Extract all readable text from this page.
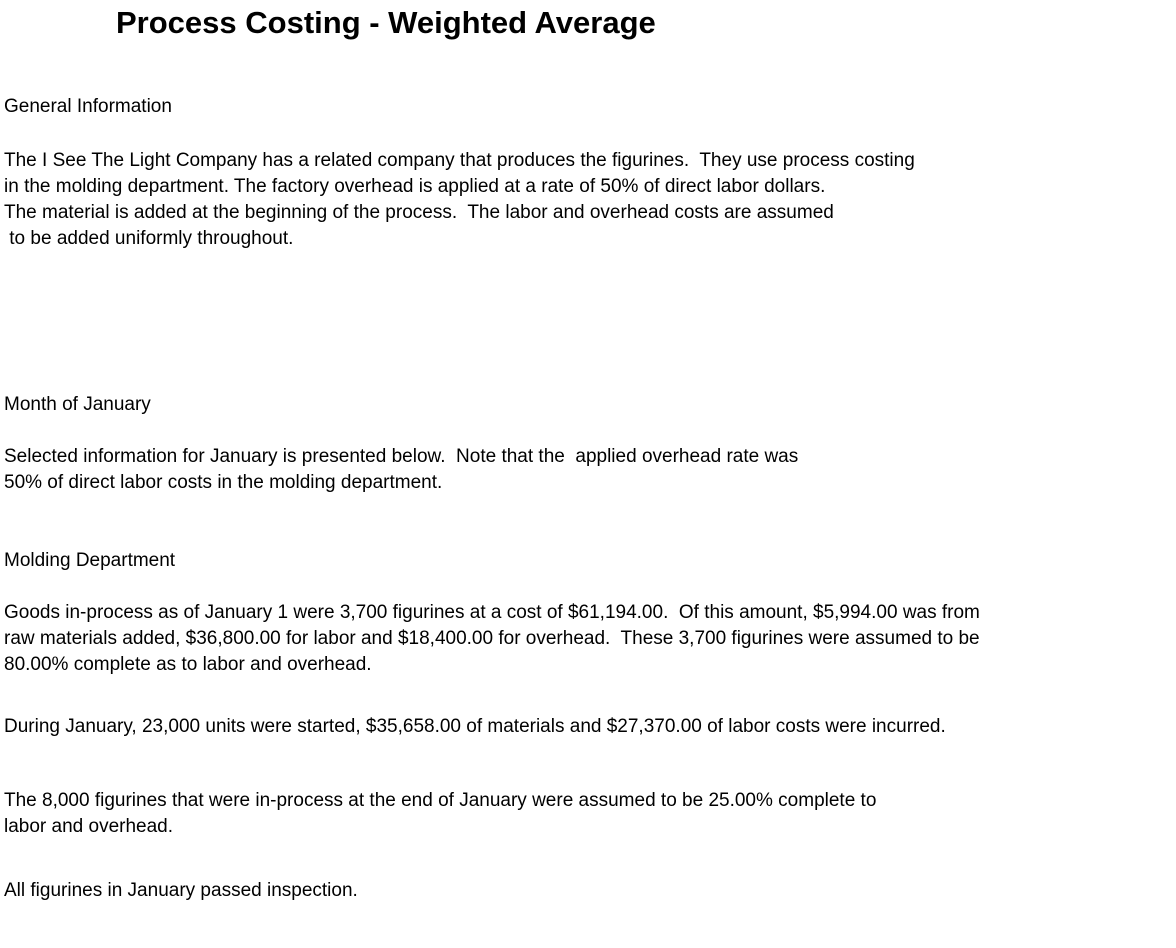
Process Costing - Weighted Average
General Information
The I See The Light Company has a related company that produces the figurines.  They use process costing
in the molding department. The factory overhead is applied at a rate of 50% of direct labor dollars.
The material is added at the beginning of the process.  The labor and overhead costs are assumed
to be added uniformly throughout.
Month of January
Selected information for January is presented below.  Note that the  applied overhead rate was
50% of direct labor costs in the molding department.
Molding Department
Goods in-process as of January 1 were 3,700 figurines at a cost of $61,194.00.  Of this amount, $5,994.00 was from
raw materials added, $36,800.00 for labor and $18,400.00 for overhead.  These 3,700 figurines were assumed to be
80.00% complete as to labor and overhead.
During January, 23,000 units were started, $35,658.00 of materials and $27,370.00 of labor costs were incurred.
The 8,000 figurines that were in-process at the end of January were assumed to be 25.00% complete to
labor and overhead.
All figurines in January passed inspection.
